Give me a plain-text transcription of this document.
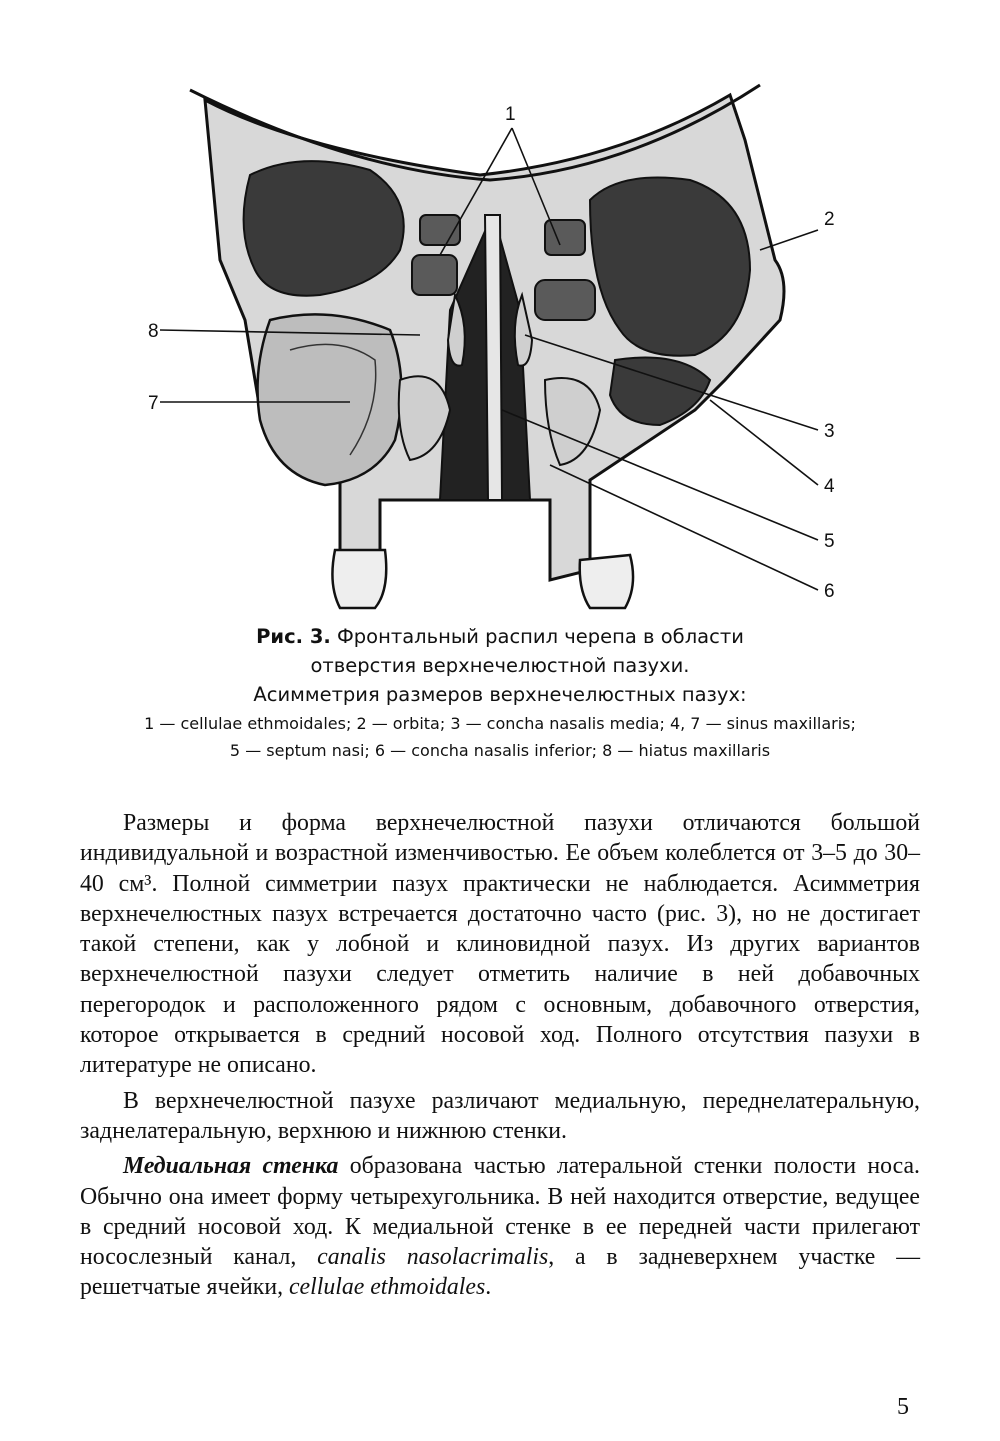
1
2
3
4
5
6
7
8
Рис. 3. Фронтальный распил черепа в области
отверстия верхнечелюстной пазухи.
Асимметрия размеров верхнечелюстных пазух:
1 — cellulae ethmoidales; 2 — orbita; 3 — concha nasalis media; 4, 7 — sinus maxillaris;
5 — septum nasi; 6 — concha nasalis inferior; 8 — hiatus maxillaris

Размеры и форма верхнечелюстной пазухи отличаются большой индивидуальной и возрастной изменчивостью. Ее объем колеблется от 3–5 до 30–40 см³. Полной симметрии пазух практически не наблюдается. Асимметрия верхнечелюстных пазух встречается достаточно часто (рис. 3), но не достигает такой степени, как у лобной и клиновидной пазух. Из других вариантов верхнечелюстной пазухи следует отметить наличие в ней добавочных перегородок и расположенного рядом с основным, добавочного отверстия, которое открывается в средний носовой ход. Полного отсутствия пазухи в литературе не описано.

В верхнечелюстной пазухе различают медиальную, переднелатеральную, заднелатеральную, верхнюю и нижнюю стенки.

Медиальная стенка образована частью латеральной стенки полости носа. Обычно она имеет форму четырехугольника. В ней находится отверстие, ведущее в средний носовой ход. К медиальной стенке в ее передней части прилегают носослезный канал, canalis nasolacrimalis, а в задневерхнем участке — решетчатые ячейки, cellulae ethmoidales.

5
